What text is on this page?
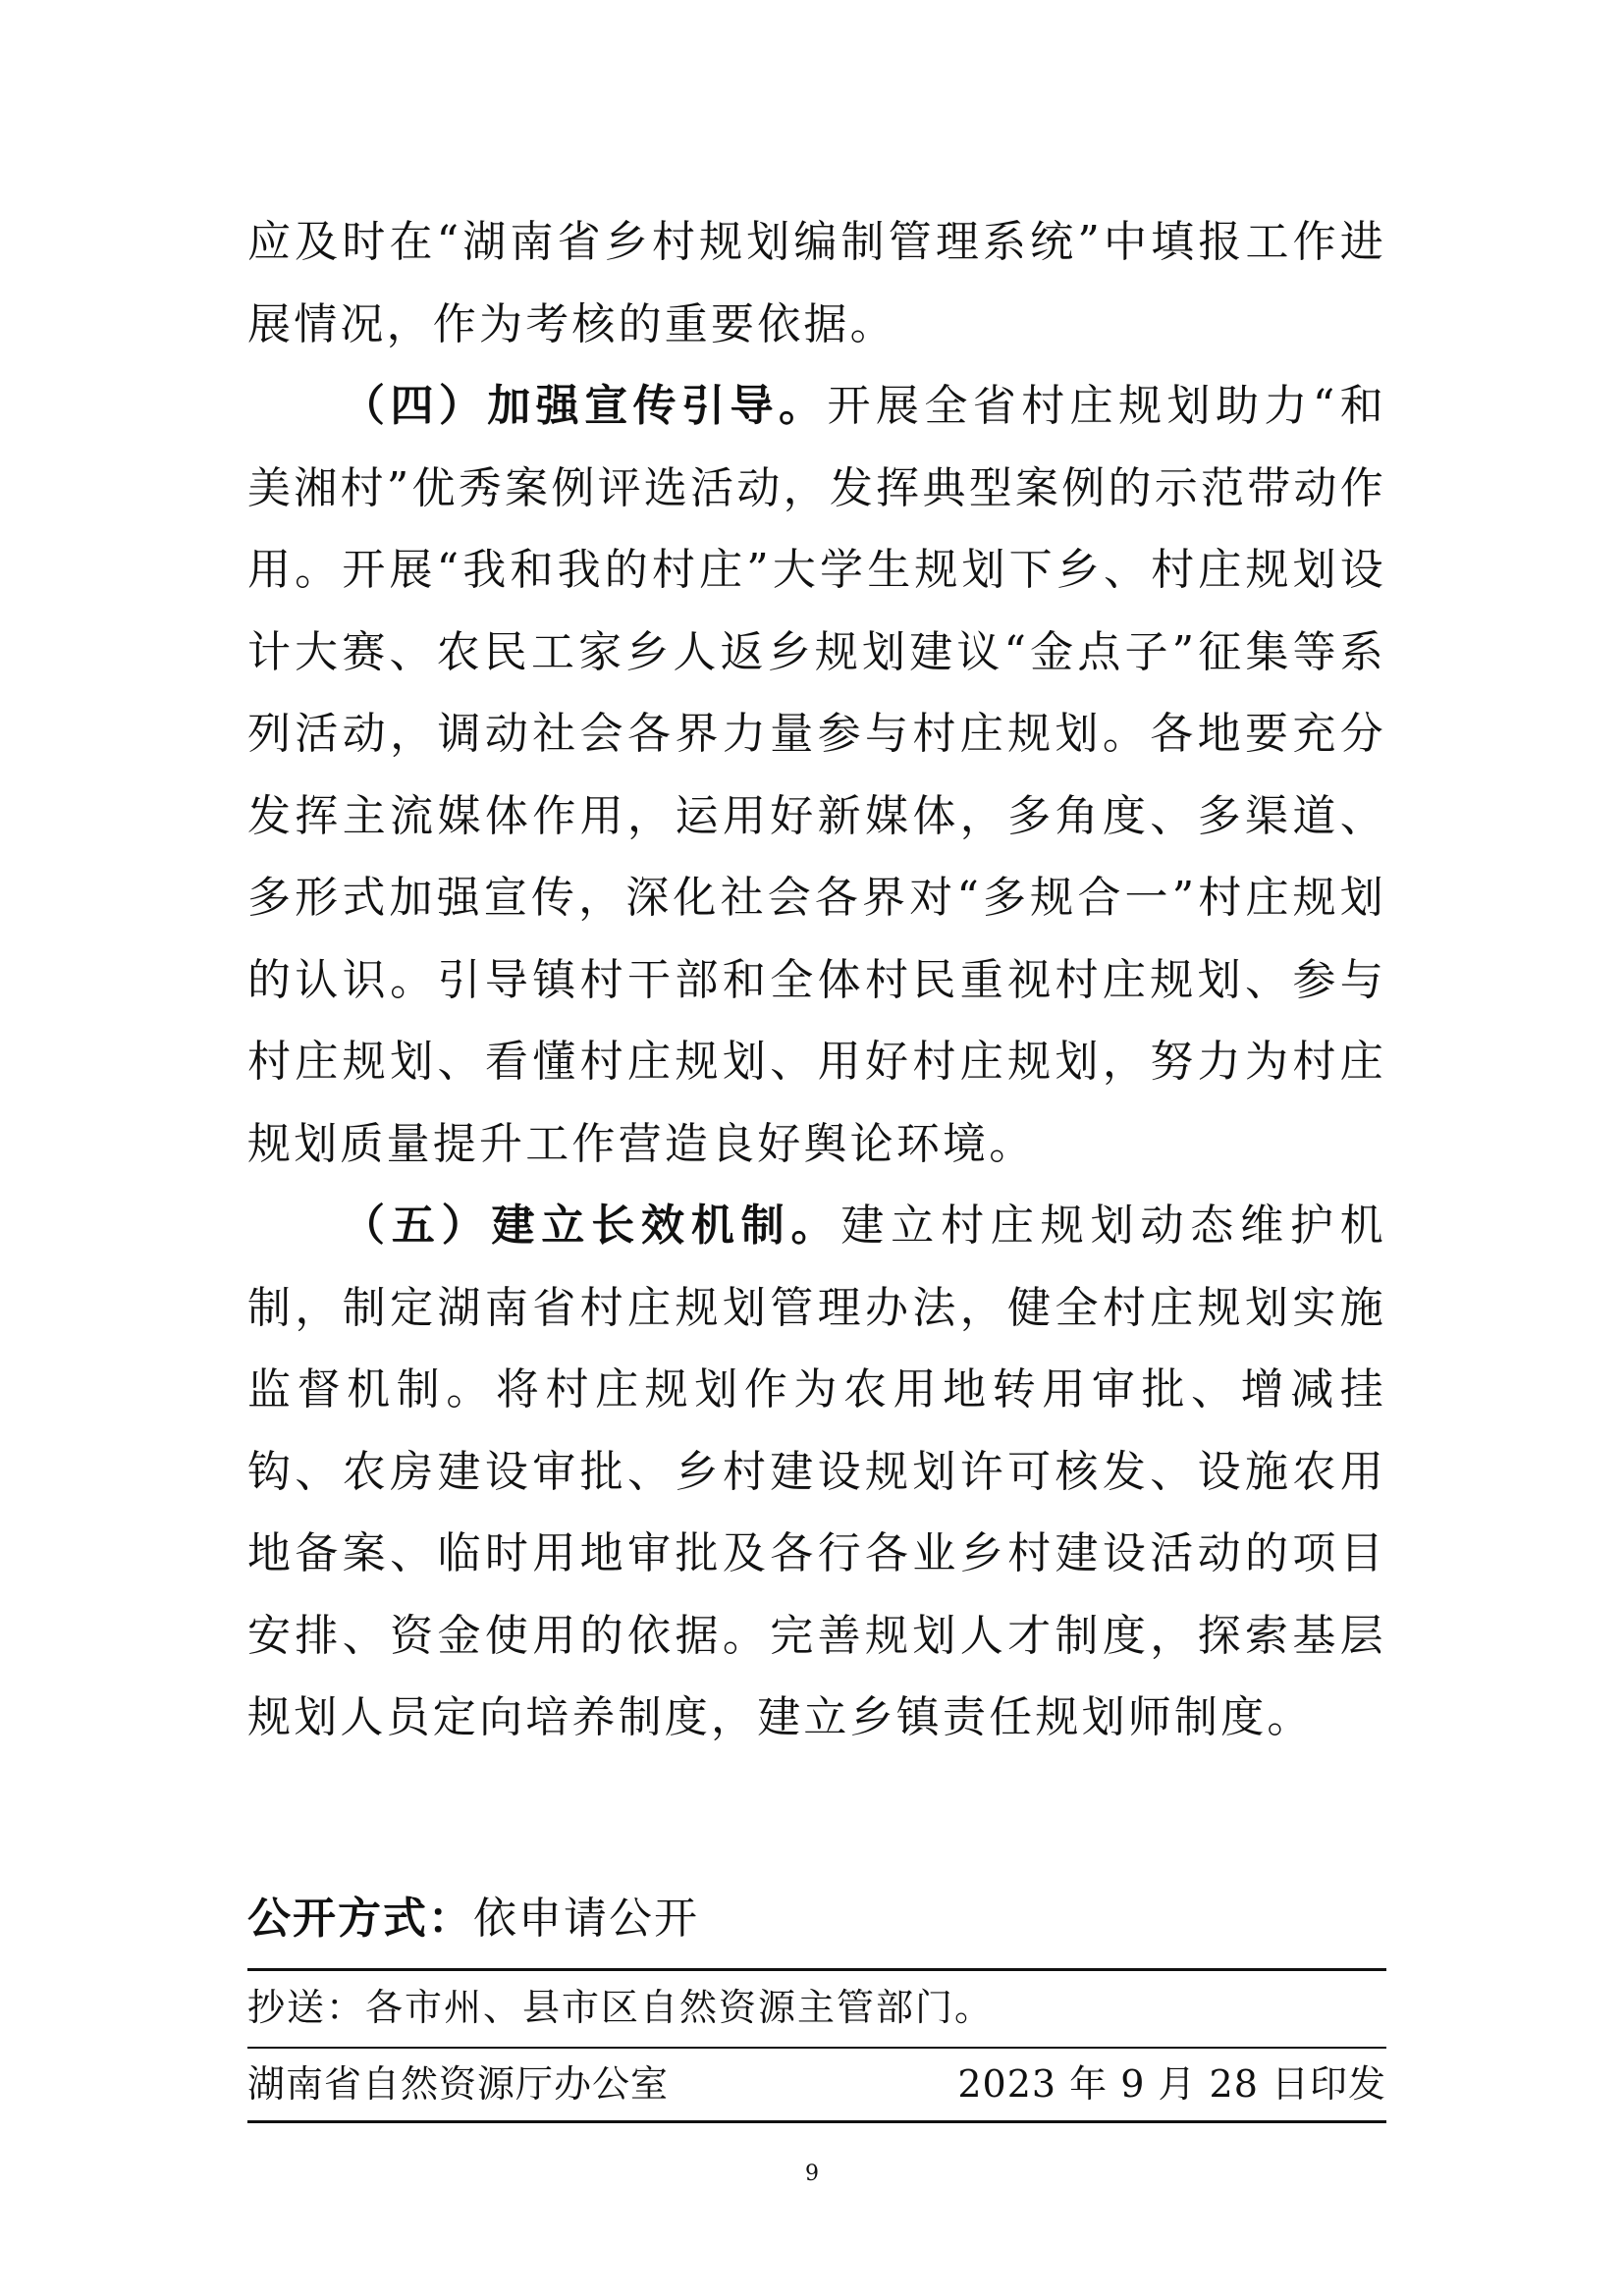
应及时在“湖南省乡村规划编制管理系统”中填报工作进展情况，作为考核的重要依据。

（四）加强宣传引导。开展全省村庄规划助力“和美湘村”优秀案例评选活动，发挥典型案例的示范带动作用。开展“我和我的村庄”大学生规划下乡、村庄规划设计大赛、农民工家乡人返乡规划建议“金点子”征集等系列活动，调动社会各界力量参与村庄规划。各地要充分发挥主流媒体作用，运用好新媒体，多角度、多渠道、多形式加强宣传，深化社会各界对“多规合一”村庄规划的认识。引导镇村干部和全体村民重视村庄规划、参与村庄规划、看懂村庄规划、用好村庄规划，努力为村庄规划质量提升工作营造良好舆论环境。

（五）建立长效机制。建立村庄规划动态维护机制，制定湖南省村庄规划管理办法，健全村庄规划实施监督机制。将村庄规划作为农用地转用审批、增减挂钩、农房建设审批、乡村建设规划许可核发、设施农用地备案、临时用地审批及各行各业乡村建设活动的项目安排、资金使用的依据。完善规划人才制度，探索基层规划人员定向培养制度，建立乡镇责任规划师制度。

公开方式：依申请公开
抄送：各市州、县市区自然资源主管部门。
湖南省自然资源厅办公室	2023 年 9 月 28 日印发
9
